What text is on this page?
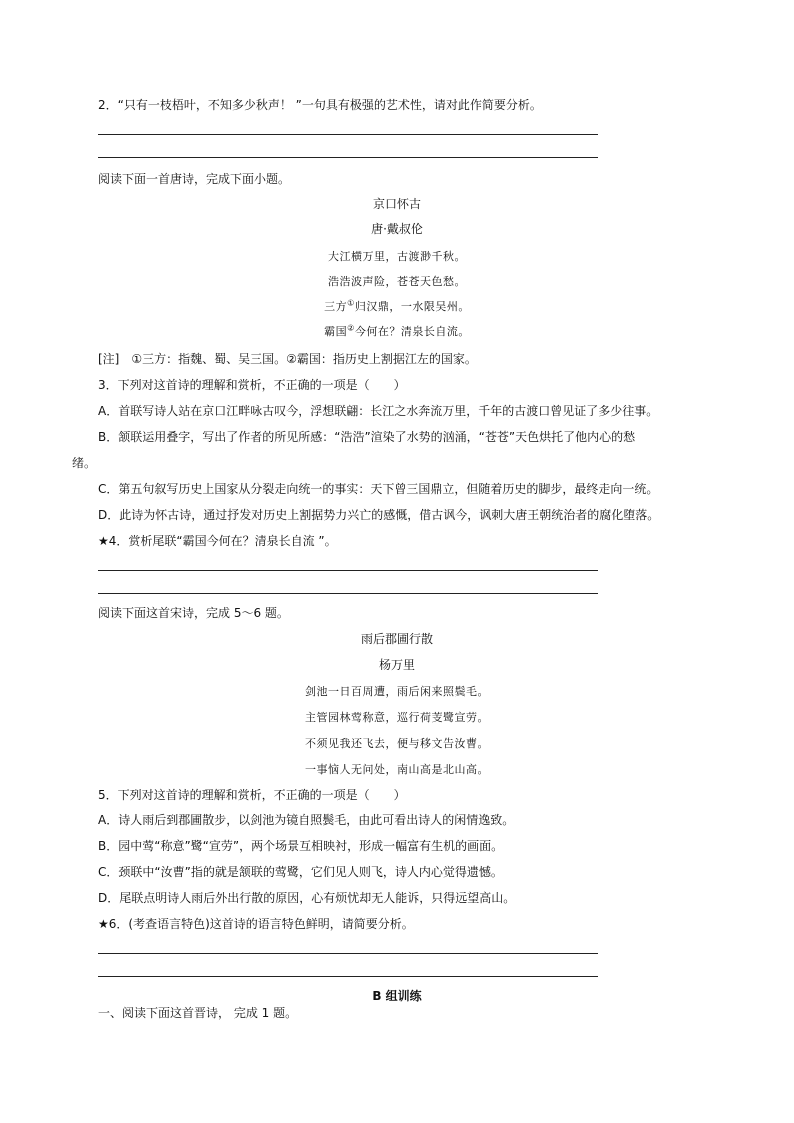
2．“只有一枝梧叶，不知多少秋声！ ”一句具有极强的艺术性，请对此作简要分析。
阅读下面一首唐诗，完成下面小题。
京口怀古
唐·戴叔伦
大江横万里，古渡渺千秋。
浩浩波声险，苍苍天色愁。
三方①归汉鼎，一水限吴州。
霸国②今何在？清泉长自流。
[注]　①三方：指魏、蜀、吴三国。②霸国：指历史上割据江左的国家。
3．下列对这首诗的理解和赏析，不正确的一项是（　　）
A．首联写诗人站在京口江畔咏古叹今，浮想联翩：长江之水奔流万里，千年的古渡口曾见证了多少往事。
B．颔联运用叠字，写出了作者的所见所感：“浩浩”渲染了水势的汹涌，“苍苍”天色烘托了他内心的愁
绪。
C．第五句叙写历史上国家从分裂走向统一的事实：天下曾三国鼎立，但随着历史的脚步，最终走向一统。
D．此诗为怀古诗，通过抒发对历史上割据势力兴亡的感慨，借古讽今，讽刺大唐王朝统治者的腐化堕落。
★4．赏析尾联“霸国今何在？清泉长自流 ”。
阅读下面这首宋诗，完成 5～6 题。
雨后郡圃行散
杨万里
剑池一日百周遭，雨后闲来照鬓毛。
主管园林莺称意，巡行荷芰鹭宣劳。
不须见我还飞去，便与移文告汝曹。
一事恼人无问处，南山高是北山高。
5．下列对这首诗的理解和赏析，不正确的一项是（　　）
A．诗人雨后到郡圃散步，以剑池为镜自照鬓毛，由此可看出诗人的闲情逸致。
B．园中莺“称意”鹭“宣劳”，两个场景互相映衬，形成一幅富有生机的画面。
C．颈联中“汝曹”指的就是颔联的莺鹭，它们见人则飞，诗人内心觉得遗憾。
D．尾联点明诗人雨后外出行散的原因，心有烦忧却无人能诉，只得远望高山。
★6．(考查语言特色)这首诗的语言特色鲜明，请简要分析。
B 组训练
一、阅读下面这首晋诗， 完成 1 题。
